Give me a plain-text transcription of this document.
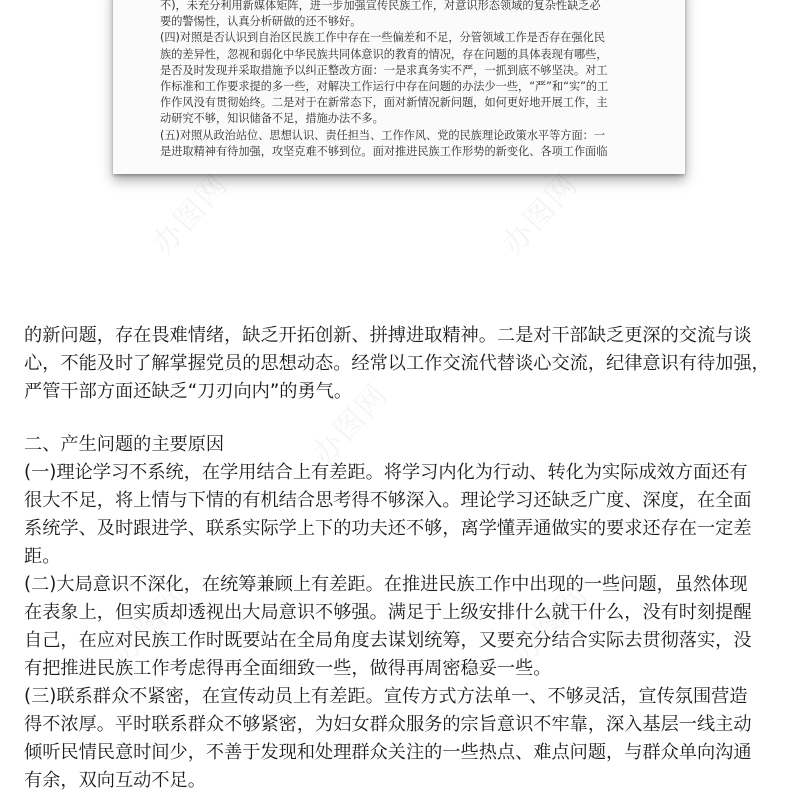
不)，未充分利用新媒体矩阵，进一步加强宣传民族工作，对意识形态领域的复杂性缺乏必
要的警惕性，认真分析研做的还不够好。
(四)对照是否认识到自治区民族工作中存在一些偏差和不足，分管领域工作是否存在强化民
族的差异性，忽视和弱化中华民族共同体意识的教育的情况，存在问题的具体表现有哪些，
是否及时发现并采取措施予以纠正整改方面：一是求真务实不严，一抓到底不够坚决。对工
作标准和工作要求提的多一些，对解决工作运行中存在问题的办法少一些，“严”和“实”的工
作作风没有贯彻始终。二是对于在新常态下，面对新情况新问题，如何更好地开展工作，主
动研究不够，知识储备不足，措施办法不多。
(五)对照从政治站位、思想认识、责任担当、工作作风、党的民族理论政策水平等方面：一
是进取精神有待加强，攻坚克难不够到位。面对推进民族工作形势的新变化、各项工作面临
的新问题，存在畏难情绪，缺乏开拓创新、拼搏进取精神。二是对干部缺乏更深的交流与谈
心，不能及时了解掌握党员的思想动态。经常以工作交流代替谈心交流，纪律意识有待加强，
严管干部方面还缺乏“刀刃向内”的勇气。
二、产生问题的主要原因
(一)理论学习不系统，在学用结合上有差距。将学习内化为行动、转化为实际成效方面还有
很大不足，将上情与下情的有机结合思考得不够深入。理论学习还缺乏广度、深度，在全面
系统学、及时跟进学、联系实际学上下的功夫还不够，离学懂弄通做实的要求还存在一定差
距。
(二)大局意识不深化，在统筹兼顾上有差距。在推进民族工作中出现的一些问题，虽然体现
在表象上，但实质却透视出大局意识不够强。满足于上级安排什么就干什么，没有时刻提醒
自己，在应对民族工作时既要站在全局角度去谋划统筹，又要充分结合实际去贯彻落实，没
有把推进民族工作考虑得再全面细致一些，做得再周密稳妥一些。
(三)联系群众不紧密，在宣传动员上有差距。宣传方式方法单一、不够灵活，宣传氛围营造
得不浓厚。平时联系群众不够紧密，为妇女群众服务的宗旨意识不牢靠，深入基层一线主动
倾听民情民意时间少，不善于发现和处理群众关注的一些热点、难点问题，与群众单向沟通
有余，双向互动不足。
